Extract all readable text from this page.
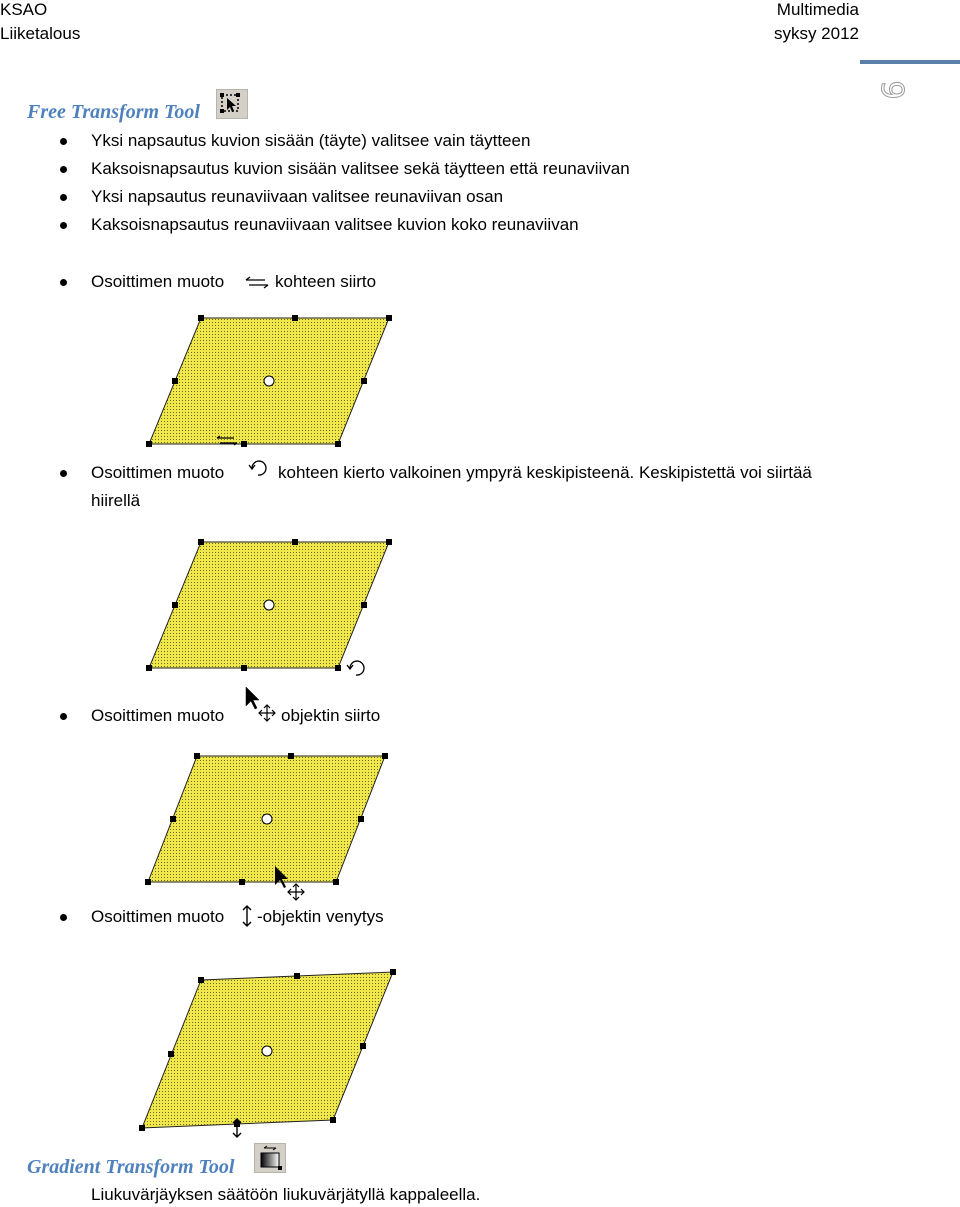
KSAO
Liiketalous
Multimedia
syksy 2012
9
Free Transform Tool
Yksi napsautus kuvion sisään (täyte) valitsee vain täytteen
Kaksoisnapsautus kuvion sisään valitsee sekä täytteen että reunaviivan
Yksi napsautus reunaviivaan valitsee reunaviivan osan
Kaksoisnapsautus reunaviivaan valitsee kuvion koko reunaviivan
Osoittimen muoto	kohteen siirto
Osoittimen muoto	kohteen kierto valkoinen ympyrä keskipisteenä. Keskipistettä voi siirtää
hiirellä
Osoittimen muoto	objektin siirto
Osoittimen muoto -objektin venytys
Gradient Transform Tool
Liukuvärjäyksen säätöön liukuvärjätyllä kappaleella.
